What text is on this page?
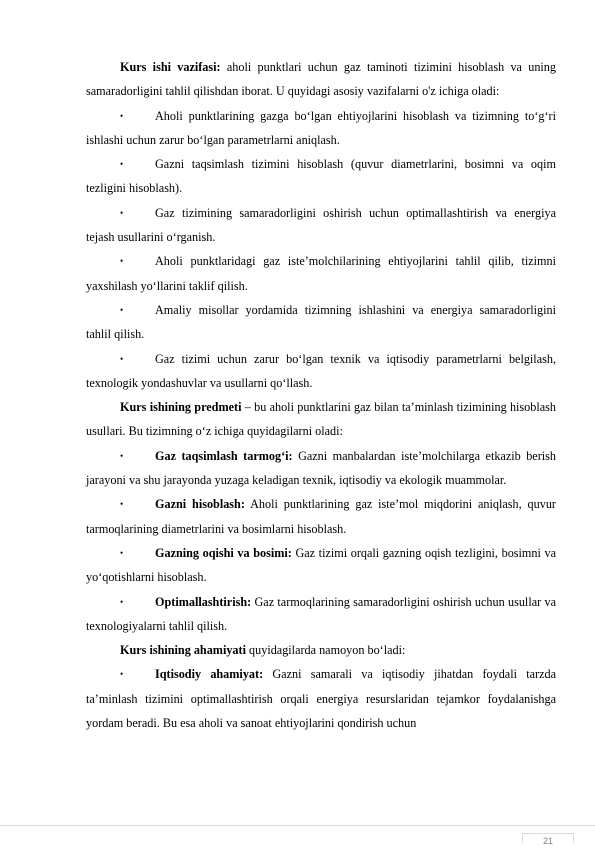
Kurs ishi vazifasi: aholi punktlari uchun gaz taminoti tizimini hisoblash va uning samaradorligini tahlil qilishdan iborat. U quyidagi asosiy vazifalarni o'z ichiga oladi:

•	Aholi punktlarining gazga bo‘lgan ehtiyojlarini hisoblash va tizimning to‘g‘ri ishlashi uchun zarur bo‘lgan parametrlarni aniqlash.

•	Gazni taqsimlash tizimini hisoblash (quvur diametrlarini, bosimni va oqim tezligini hisoblash).

•	Gaz tizimining samaradorligini oshirish uchun optimallashtirish va energiya tejash usullarini o‘rganish.

•	Aholi punktlaridagi gaz iste’molchilarining ehtiyojlarini tahlil qilib, tizimni yaxshilash yo‘llarini taklif qilish.

•	Amaliy misollar yordamida tizimning ishlashini va energiya samaradorligini tahlil qilish.

•	Gaz tizimi uchun zarur bo‘lgan texnik va iqtisodiy parametrlarni belgilash, texnologik yondashuvlar va usullarni qo‘llash.

Kurs ishining predmeti – bu aholi punktlarini gaz bilan ta’minlash tizimining hisoblash usullari. Bu tizimning o‘z ichiga quyidagilarni oladi:

•	Gaz taqsimlash tarmog‘i: Gazni manbalardan iste’molchilarga etkazib berish jarayoni va shu jarayonda yuzaga keladigan texnik, iqtisodiy va ekologik muammolar.

•	Gazni hisoblash: Aholi punktlarining gaz iste’mol miqdorini aniqlash, quvur tarmoqlarining diametrlarini va bosimlarni hisoblash.

•	Gazning oqishi va bosimi: Gaz tizimi orqali gazning oqish tezligini, bosimni va yo‘qotishlarni hisoblash.

•	Optimallashtirish: Gaz tarmoqlarining samaradorligini oshirish uchun usullar va texnologiyalarni tahlil qilish.

Kurs ishining ahamiyati quyidagilarda namoyon bo‘ladi:

•	Iqtisodiy ahamiyat: Gazni samarali va iqtisodiy jihatdan foydali tarzda ta’minlash tizimini optimallashtirish orqali energiya resurslaridan tejamkor foydalanishga yordam beradi. Bu esa aholi va sanoat ehtiyojlarini qondirish uchun

21
